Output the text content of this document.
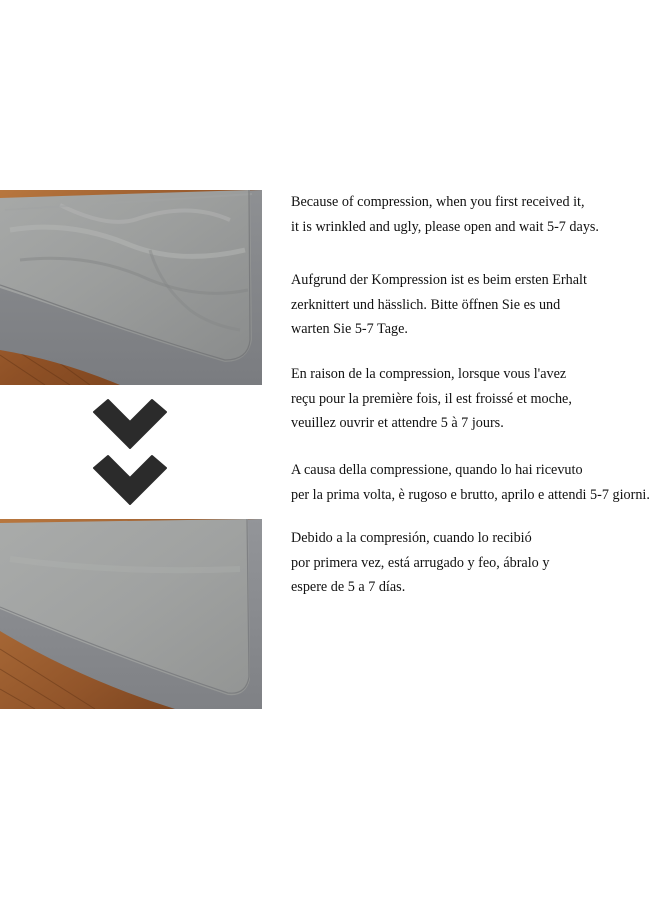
Because of compression, when you first received it,
it is wrinkled and ugly, please open and wait 5-7 days.
Aufgrund der Kompression ist es beim ersten Erhalt
zerknittert und hässlich. Bitte öffnen Sie es und
warten Sie 5-7 Tage.
En raison de la compression, lorsque vous l'avez
reçu pour la première fois, il est froissé et moche,
veuillez ouvrir et attendre 5 à 7 jours.
A causa della compressione, quando lo hai ricevuto
per la prima volta, è rugoso e brutto, aprilo e attendi 5-7 giorni.
Debido a la compresión, cuando lo recibió
por primera vez, está arrugado y feo, ábralo y
espere de 5 a 7 días.
